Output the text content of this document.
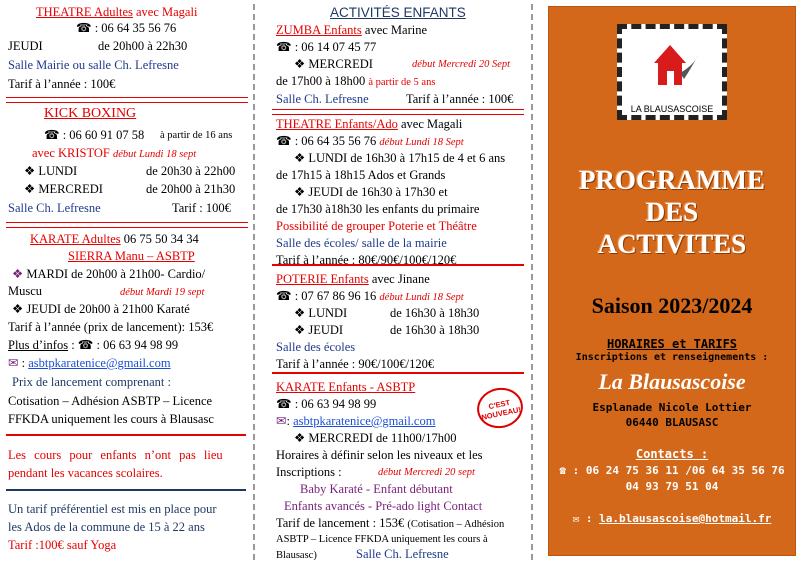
THEATRE Adultes avec Magali
☎ : 06 64 35 56 76
JEUDI	de 20h00 à 22h30
Salle Mairie ou salle Ch. Lefresne
Tarif à l’année : 100€
KICK BOXING
☎ : 06 60 91 07 58 à partir de 16 ans
avec KRISTOF début Lundi 18 sept
❖ LUNDI	de 20h30 à 22h00
❖ MERCREDI	de 20h00 à 21h30
Salle Ch. Lefresne	Tarif : 100€
KARATE Adultes 06 75 50 34 34
SIERRA Manu – ASBTP
❖ MARDI de 20h00 à 21h00- Cardio/
Muscu	début Mardi 19 sept
❖ JEUDI de 20h00 à 21h00 Karaté
Tarif à l’année (prix de lancement): 153€
Plus d’infos : ☎ : 06 63 94 98 99
✉ : asbtpkaratenice@gmail.com
Prix de lancement comprenant :
Cotisation – Adhésion ASBTP – Licence
FFKDA uniquement les cours à Blausasc
Les cours pour enfants n’ont pas lieu
pendant les vacances scolaires.
Un tarif préférentiel est mis en place pour
les Ados de la commune de 15 à 22 ans
Tarif :100€ sauf Yoga
ACTIVITÉS ENFANTS
ZUMBA Enfants avec Marine
☎ : 06 14 07 45 77
❖ MERCREDI	début Mercredi 20 Sept
de 17h00 à 18h00 à partir de 5 ans
Salle Ch. Lefresne	Tarif à l’année : 100€
THEATRE Enfants/Ado avec Magali
☎ : 06 64 35 56 76 début Lundi 18 Sept
❖ LUNDI de 16h30 à 17h15 de 4 et 6 ans
de 17h15 à 18h15 Ados et Grands
❖ JEUDI de 16h30 à 17h30 et
de 17h30 à18h30 les enfants du primaire
Possibilité de grouper Poterie et Théâtre
Salle des écoles/ salle de la mairie
Tarif à l’année : 80€/90€/100€/120€
POTERIE Enfants avec Jinane
☎ : 07 67 86 96 16 début Lundi 18 Sept
❖ LUNDI	de 16h30 à 18h30
❖ JEUDI	de 16h30 à 18h30
Salle des écoles
Tarif à l’année : 90€/100€/120€
KARATE Enfants - ASBTP
☎ : 06 63 94 98 99
✉: asbtpkaratenice@gmail.com
❖ MERCREDI de 11h00/17h00
Horaires à définir selon les niveaux et les
Inscriptions :	début Mercredi 20 sept
Baby Karaté - Enfant débutant
Enfants avancés - Pré-ado light Contact
Tarif de lancement : 153€ (Cotisation – Adhésion
ASBTP – Licence FFKDA uniquement les cours à
Blausasc)	Salle Ch. Lefresne
C'EST NOUVEAU!
LA BLAUSASCOISE
PROGRAMME
DES
ACTIVITES
Saison 2023/2024
HORAIRES et TARIFS
Inscriptions et renseignements :
La Blausascoise
Esplanade Nicole Lottier
06440 BLAUSASC
Contacts :
☎ : 06 24 75 36 11 /06 64 35 56 76
04 93 79 51 04
✉ : la.blausascoise@hotmail.fr
